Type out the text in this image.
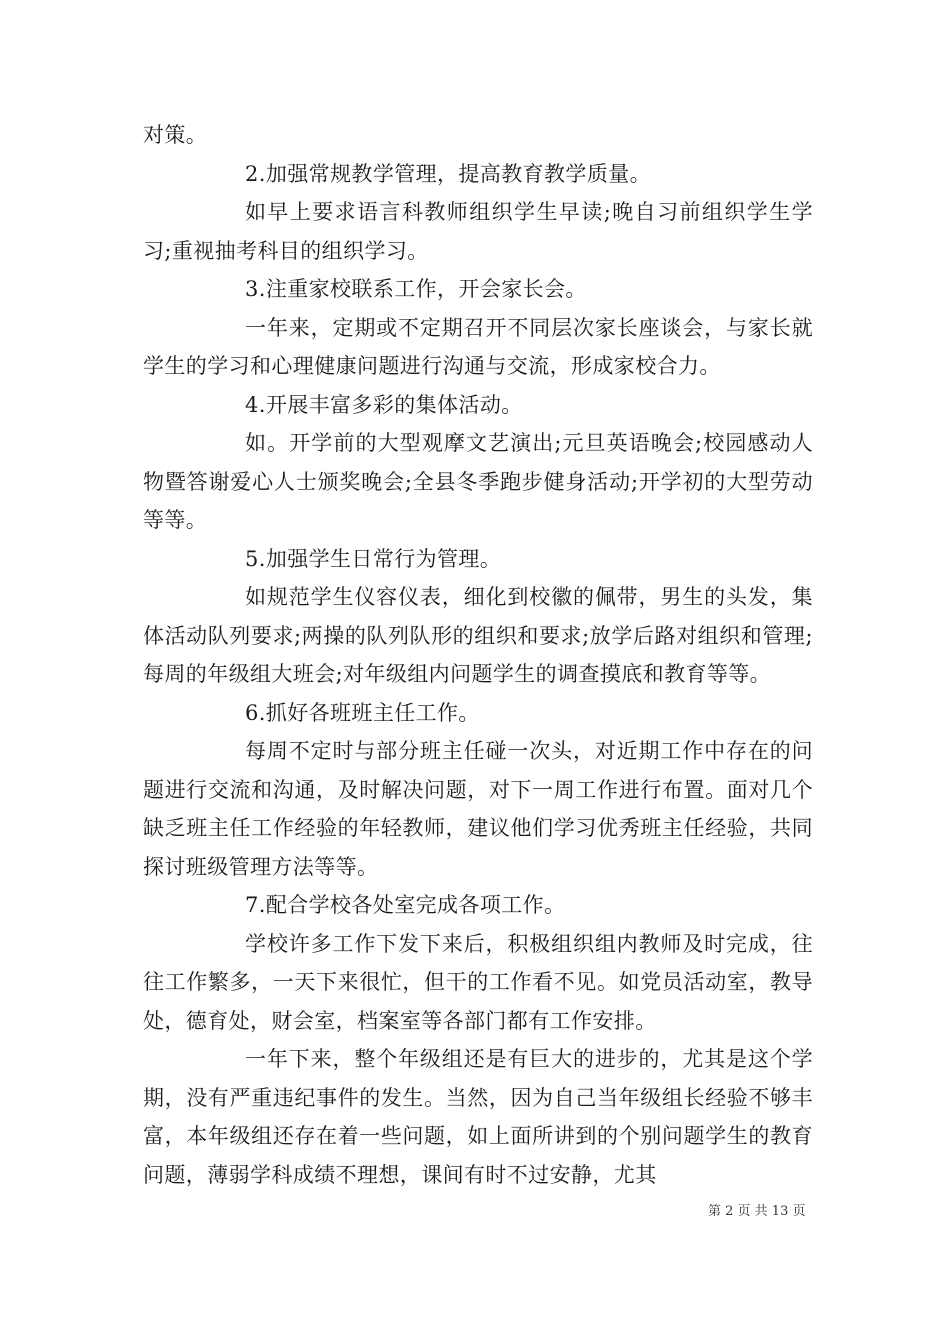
对策。

2.加强常规教学管理，提高教育教学质量。

如早上要求语言科教师组织学生早读;晚自习前组织学生学习;重视抽考科目的组织学习。

3.注重家校联系工作，开会家长会。

一年来，定期或不定期召开不同层次家长座谈会，与家长就学生的学习和心理健康问题进行沟通与交流，形成家校合力。

4.开展丰富多彩的集体活动。

如。开学前的大型观摩文艺演出;元旦英语晚会;校园感动人物暨答谢爱心人士颁奖晚会;全县冬季跑步健身活动;开学初的大型劳动等等。

5.加强学生日常行为管理。

如规范学生仪容仪表，细化到校徽的佩带，男生的头发，集体活动队列要求;两操的队列队形的组织和要求;放学后路对组织和管理;每周的年级组大班会;对年级组内问题学生的调查摸底和教育等等。

6.抓好各班班主任工作。

每周不定时与部分班主任碰一次头，对近期工作中存在的问题进行交流和沟通，及时解决问题，对下一周工作进行布置。面对几个缺乏班主任工作经验的年轻教师，建议他们学习优秀班主任经验，共同探讨班级管理方法等等。

7.配合学校各处室完成各项工作。

学校许多工作下发下来后，积极组织组内教师及时完成，往往工作繁多，一天下来很忙，但干的工作看不见。如党员活动室，教导处，德育处，财会室，档案室等各部门都有工作安排。

一年下来，整个年级组还是有巨大的进步的，尤其是这个学期，没有严重违纪事件的发生。当然，因为自己当年级组长经验不够丰富，本年级组还存在着一些问题，如上面所讲到的个别问题学生的教育问题，薄弱学科成绩不理想，课间有时不过安静，尤其

第 2 页 共 13 页
